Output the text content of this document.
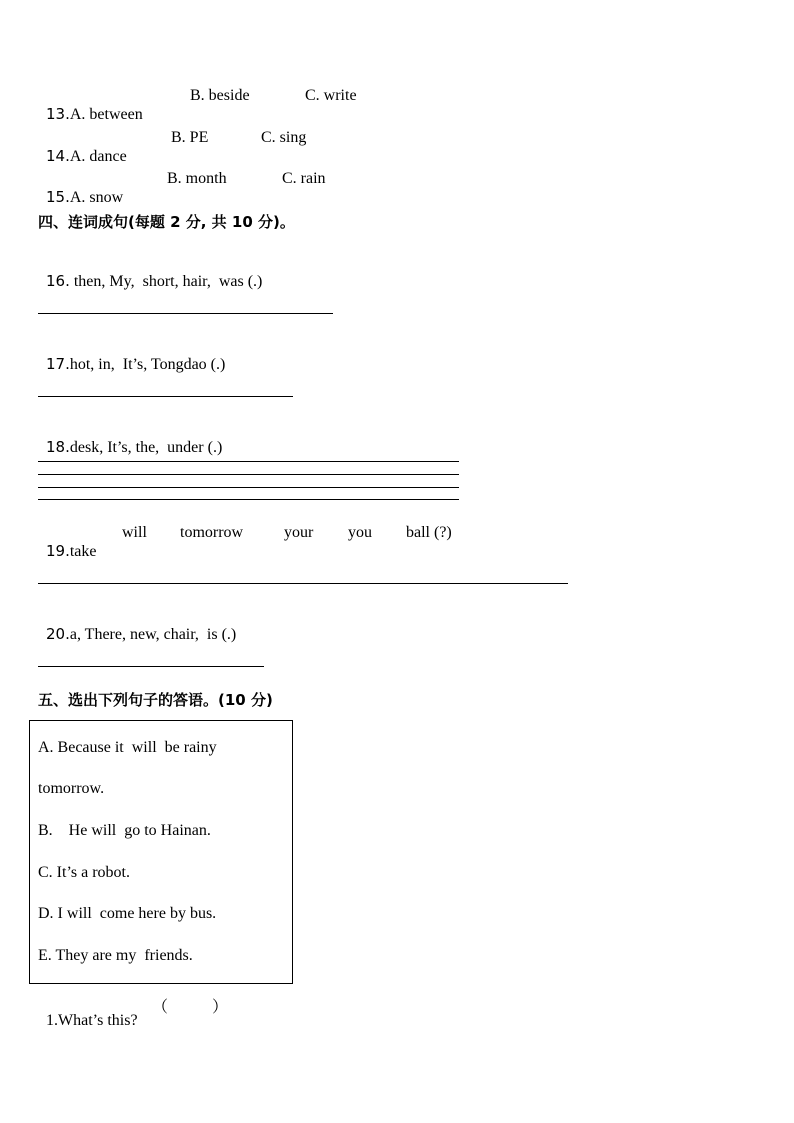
13.A. between

B. beside	C. write

14.A. dance

B. PE	C. sing

15.A. snow

B. month	C. rain
四、连词成句(每题 2 分, 共 10 分)。

16. then, My,  short, hair,  was (.)

17.hot, in,  It’s, Tongdao (.)

18.desk, It’s, the,  under (.)

19.take

will tomorrow	your you ball (?)

20.a, There, new, chair,  is (.)

五、选出下列句子的答语。(10 分)
A. Because it  will  be rainy
tomorrow.
B.    He will  go to Hainan.
C. It’s a robot.
D. I will  come here by bus.
E. They are my  friends.

1.What’s this?

（           ）
